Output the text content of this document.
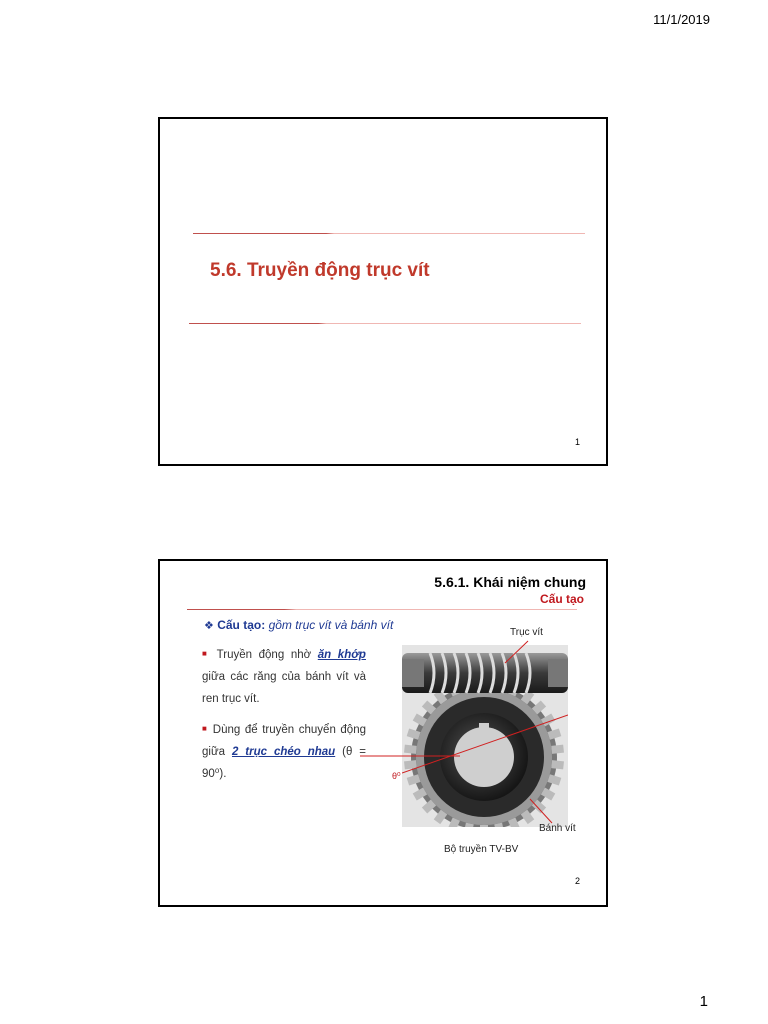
11/1/2019
5.6. Truyền động trục vít
1
5.6.1. Khái niệm chung
Cấu tạo
❖ Cấu tạo: gồm trục vít và bánh vít
■ Truyền động nhờ ăn khớp giữa các răng của bánh vít và ren trục vít.
■ Dùng để truyền chuyển động giữa 2 trục chéo nhau (θ = 90⁰).
Trục vít
θ⁰
Bánh vít
Bộ truyền TV-BV
2
1
